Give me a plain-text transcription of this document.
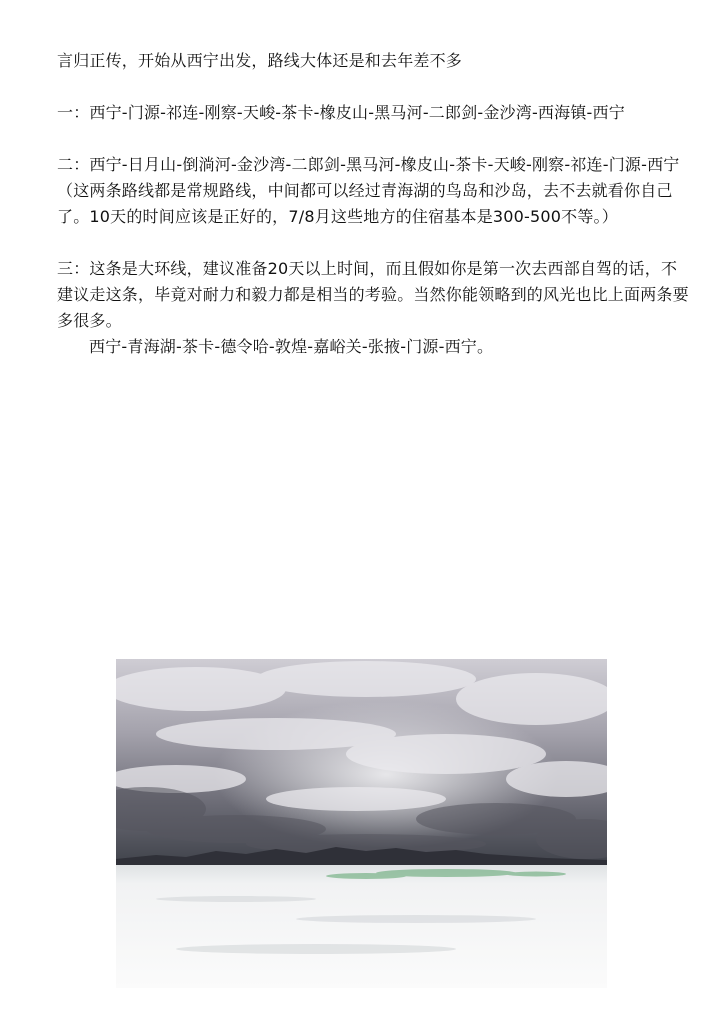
言归正传，开始从西宁出发，路线大体还是和去年差不多

一：西宁-门源-祁连-刚察-天峻-茶卡-橡皮山-黑马河-二郎剑-金沙湾-西海镇-西宁

二：西宁-日月山-倒淌河-金沙湾-二郎剑-黑马河-橡皮山-茶卡-天峻-刚察-祁连-门源-西宁

（这两条路线都是常规路线，中间都可以经过青海湖的鸟岛和沙岛，去不去就看你自己了。10天的时间应该是正好的，7/8月这些地方的住宿基本是300-500不等。）

三：这条是大环线，建议准备20天以上时间，而且假如你是第一次去西部自驾的话，不建议走这条，毕竟对耐力和毅力都是相当的考验。当然你能领略到的风光也比上面两条要多很多。

西宁-青海湖-茶卡-德令哈-敦煌-嘉峪关-张掖-门源-西宁。
